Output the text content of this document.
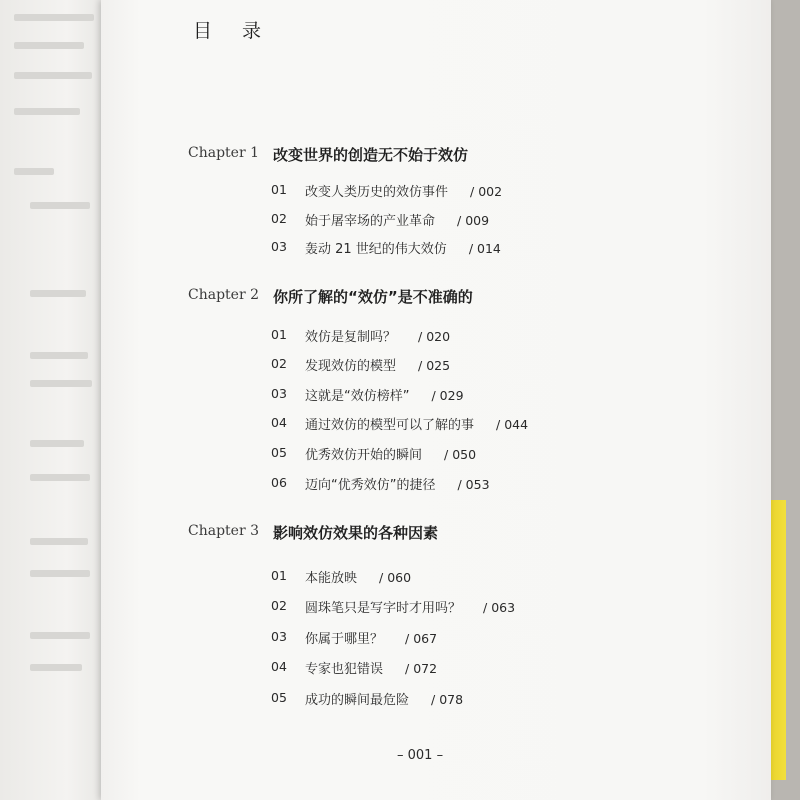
目 录
Chapter 1 改变世界的创造无不始于效仿
01 改变人类历史的效仿事件 / 002
02 始于屠宰场的产业革命 / 009
03 轰动 21 世纪的伟大效仿 / 014
Chapter 2 你所了解的“效仿”是不准确的
01 效仿是复制吗？ / 020
02 发现效仿的模型 / 025
03 这就是“效仿榜样” / 029
04 通过效仿的模型可以了解的事 / 044
05 优秀效仿开始的瞬间 / 050
06 迈向“优秀效仿”的捷径 / 053
Chapter 3 影响效仿效果的各种因素
01 本能放映 / 060
02 圆珠笔只是写字时才用吗？ / 063
03 你属于哪里？ / 067
04 专家也犯错误 / 072
05 成功的瞬间最危险 / 078
– 001 –
